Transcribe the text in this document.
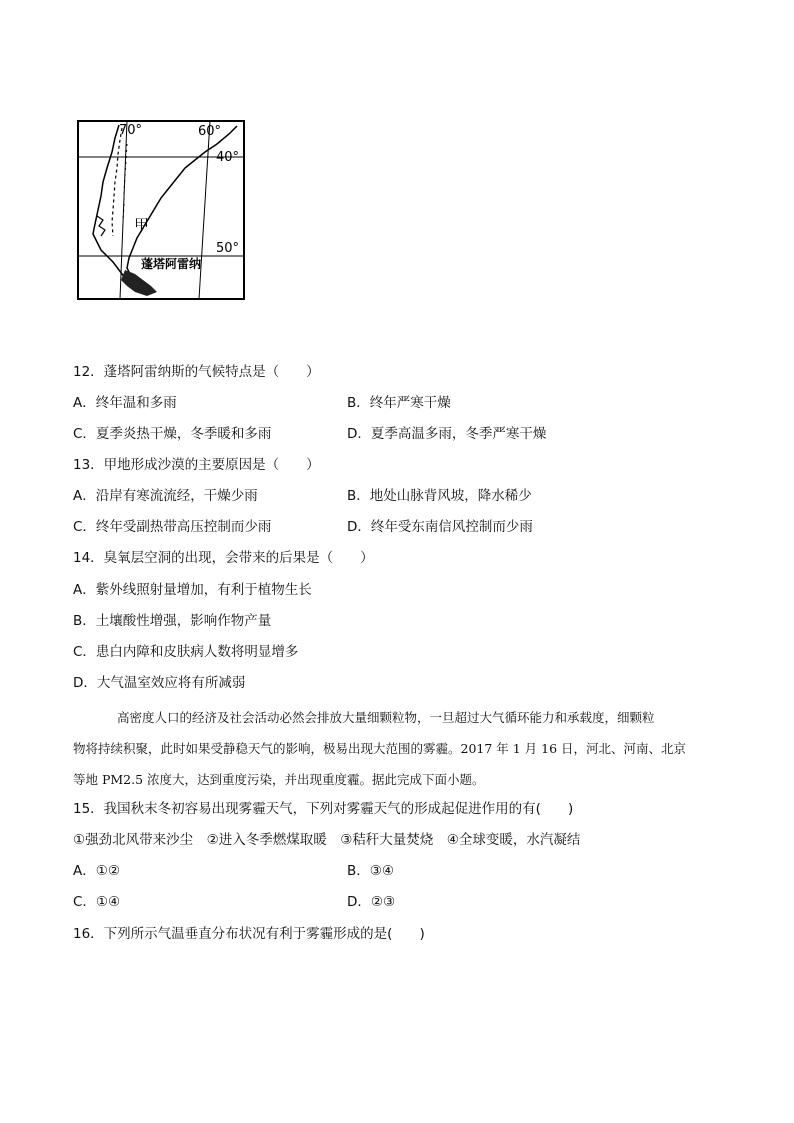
70°	60°
40°
50°
甲
蓬塔阿雷纳
12．蓬塔阿雷纳斯的气候特点是（　　）
A．终年温和多雨	B．终年严寒干燥
C．夏季炎热干燥，冬季暖和多雨	D．夏季高温多雨，冬季严寒干燥
13．甲地形成沙漠的主要原因是（　　）
A．沿岸有寒流流经，干燥少雨	B．地处山脉背风坡，降水稀少
C．终年受副热带高压控制而少雨	D．终年受东南信风控制而少雨
14．臭氧层空洞的出现，会带来的后果是（　　）
A．紫外线照射量增加，有利于植物生长
B．土壤酸性增强，影响作物产量
C．患白内障和皮肤病人数将明显增多
D．大气温室效应将有所减弱

高密度人口的经济及社会活动必然会排放大量细颗粒物，一旦超过大气循环能力和承载度，细颗粒

物将持续积聚，此时如果受静稳天气的影响，极易出现大范围的雾霾。2017 年 1 月 16 日，河北、河南、北京

等地 PM2.5 浓度大，达到重度污染，并出现重度霾。据此完成下面小题。

15．我国秋末冬初容易出现雾霾天气，下列对雾霾天气的形成起促进作用的有(　　)
①强劲北风带来沙尘　②进入冬季燃煤取暖　③秸秆大量焚烧　④全球变暖，水汽凝结
A．①②	B．③④
C．①④	D．②③
16．下列所示气温垂直分布状况有利于雾霾形成的是(　　)
